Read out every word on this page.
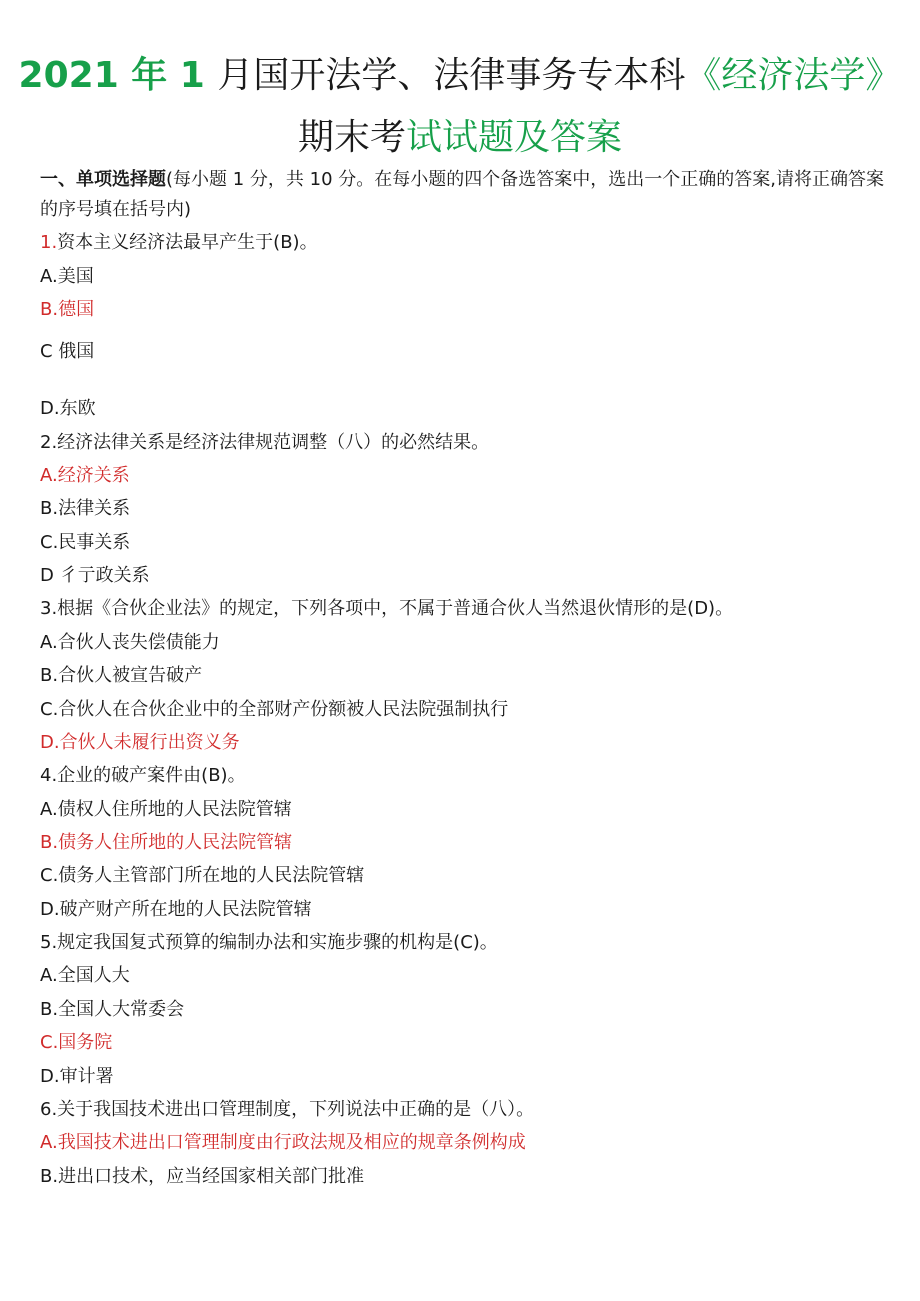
2021 年 1 月国开法学、法律事务专本科《经济法学》
期末考试试题及答案
一、单项选择题(每小题 1 分，共 10 分。在每小题的四个备选答案中，选出一个正确的答案,请将正确答案的序号填在括号内)
1.资本主义经济法最早产生于(B)。
A.美国
B.德国
C 俄国
D.东欧
2.经济法律关系是经济法律规范调整（八）的必然结果。
A.经济关系
B.法律关系
C.民事关系
D 彳亍政关系
3.根据《合伙企业法》的规定，下列各项中，不属于普通合伙人当然退伙情形的是(D)。
A.合伙人丧失偿债能力
B.合伙人被宣告破产
C.合伙人在合伙企业中的全部财产份额被人民法院强制执行
D.合伙人未履行出资义务
4.企业的破产案件由(B)。
A.债权人住所地的人民法院管辖
B.债务人住所地的人民法院管辖
C.债务人主管部门所在地的人民法院管辖
D.破产财产所在地的人民法院管辖
5.规定我国复式预算的编制办法和实施步骤的机构是(C)。
A.全国人大
B.全国人大常委会
C.国务院
D.审计署
6.关于我国技术进出口管理制度，下列说法中正确的是（八）。
A.我国技术进出口管理制度由行政法规及相应的规章条例构成
B.进出口技术，应当经国家相关部门批准
